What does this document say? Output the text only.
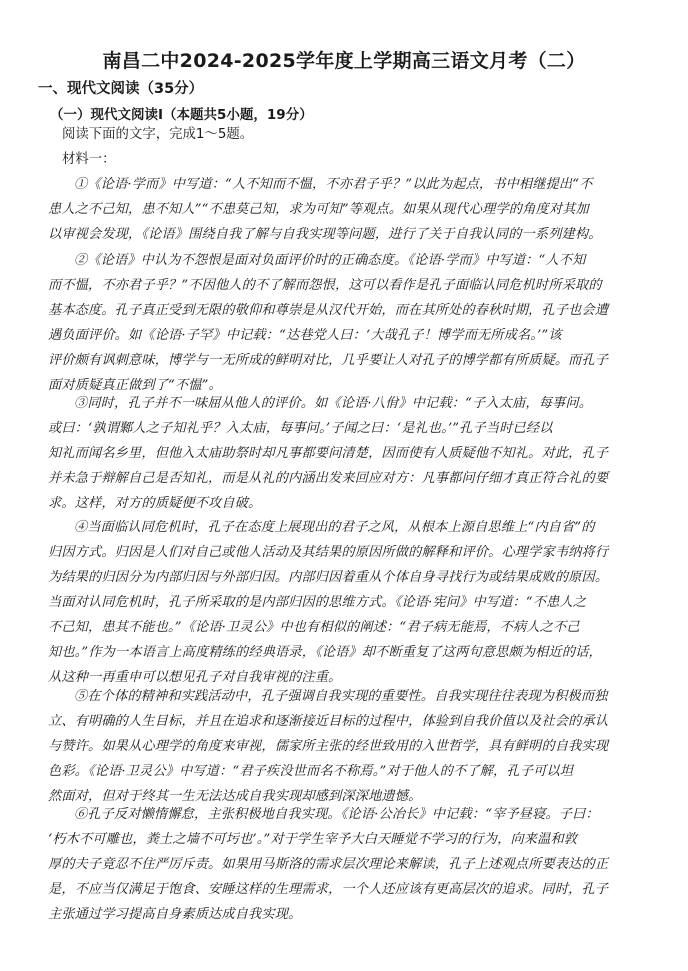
南昌二中2024-2025学年度上学期高三语文月考（二）
一、现代文阅读（35分）
（一）现代文阅读Ⅰ（本题共5小题，19分）
阅读下面的文字，完成1～5题。
材料一：
①《论语·学而》中写道：“人不知而不愠，不亦君子乎？”以此为起点，书中相继提出“不
患人之不己知，患不知人”“不患莫己知，求为可知”等观点。如果从现代心理学的角度对其加
以审视会发现，《论语》围绕自我了解与自我实现等问题，进行了关于自我认同的一系列建构。
②《论语》中认为不怨恨是面对负面评价时的正确态度。《论语·学而》中写道：“人不知
而不愠，不亦君子乎？”不因他人的不了解而怨恨，这可以看作是孔子面临认同危机时所采取的
基本态度。孔子真正受到无限的敬仰和尊崇是从汉代开始，而在其所处的春秋时期，孔子也会遭
遇负面评价。如《论语·子罕》中记载：“达巷党人曰：‘大哉孔子！博学而无所成名。’”该
评价颇有讽刺意味，博学与一无所成的鲜明对比，几乎要让人对孔子的博学都有所质疑。而孔子
面对质疑真正做到了“不愠”。
③同时，孔子并不一味屈从他人的评价。如《论语·八佾》中记载：“子入太庙，每事问。
或曰：‘孰谓鄹人之子知礼乎？入太庙，每事问。’子闻之曰：‘是礼也。’”孔子当时已经以
知礼而闻名乡里，但他入太庙助祭时却凡事都要问清楚，因而使有人质疑他不知礼。对此，孔子
并未急于辩解自己是否知礼，而是从礼的内涵出发来回应对方：凡事都问仔细才真正符合礼的要
求。这样，对方的质疑便不攻自破。
④当面临认同危机时，孔子在态度上展现出的君子之风，从根本上源自思维上“内自省”的
归因方式。归因是人们对自己或他人活动及其结果的原因所做的解释和评价。心理学家韦纳将行
为结果的归因分为内部归因与外部归因。内部归因着重从个体自身寻找行为或结果成败的原因。
当面对认同危机时，孔子所采取的是内部归因的思维方式。《论语·宪问》中写道：“不患人之
不己知，患其不能也。”《论语·卫灵公》中也有相似的阐述：“君子病无能焉，不病人之不己
知也。”作为一本语言上高度精练的经典语录，《论语》却不断重复了这两句意思颇为相近的话，
从这种一再重申可以想见孔子对自我审视的注重。
⑤在个体的精神和实践活动中，孔子强调自我实现的重要性。自我实现往往表现为积极而独
立、有明确的人生目标，并且在追求和逐渐接近目标的过程中，体验到自我价值以及社会的承认
与赞许。如果从心理学的角度来审视，儒家所主张的经世致用的入世哲学，具有鲜明的自我实现
色彩。《论语·卫灵公》中写道：“君子疾没世而名不称焉。”对于他人的不了解，孔子可以坦
然面对，但对于终其一生无法达成自我实现却感到深深地遗憾。
⑥孔子反对懒惰懈怠，主张积极地自我实现。《论语·公冶长》中记载：“宰予昼寝。子曰：
‘朽木不可雕也，粪土之墙不可圬也’。”对于学生宰予大白天睡觉不学习的行为，向来温和敦
厚的夫子竟忍不住严厉斥责。如果用马斯洛的需求层次理论来解读，孔子上述观点所要表达的正
是，不应当仅满足于饱食、安睡这样的生理需求，一个人还应该有更高层次的追求。同时，孔子
主张通过学习提高自身素质达成自我实现。
